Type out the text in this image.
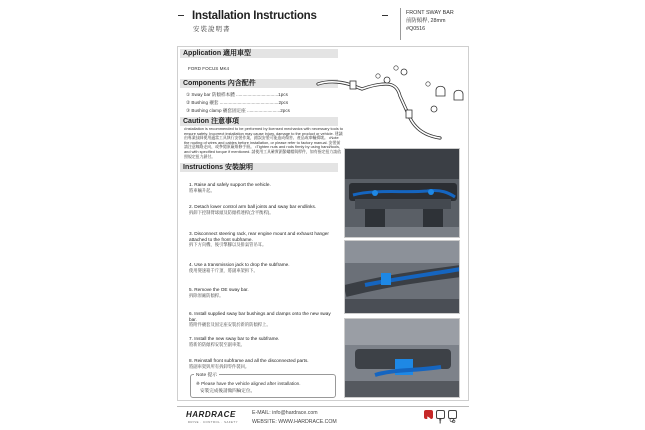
Installation Instructions
安裝說明書
FRONT SWAY BAR
前防傾桿, 28mm
#Q0516
Application 適用車型
FORD FOCUS MK4
Components 內含配件
① Sway bar 防傾桿本體 .................................1pcs
② Bushing 襯套 ..............................................2pcs
③ Bushing clamp 襯套固定座 ..........................2pcs
Caution 注意事項
•Installation is recommended to be performed by licensed mechanics with necessary tools to ensure safety. Incorrect installation may cause injury, damage to the product or vehicle. 建議由專業技師使用適當工具執行安裝作業，錯誤安裝可能造成傷害、產品或車輛損壞。 •Note the routing of wires and cables before installation, or please refer to factory manual. 安裝前請注意線路走向，或參閱原廠維修手冊。 •Tighten nuts and rods firmly by using hand/tools, and with specified torque if mentioned. 請使用工具確實鎖緊螺帽與桿件，如有指定扭力請依照規定扭力鎖付。
Instructions 安裝說明
1. Raise and safely support the vehicle.
將車輛升起。
2. Detach lower control arm ball joints and sway bar endlinks.
拆卸下控制臂球頭及防傾桿連桿(含平衡桿)。
3. Disconnect steering rack, rear engine mount and exhaust hanger
attached to the front subframe.
拆下方向機、後引擎腳以及排氣管吊耳。
4. Use a transmission jack to drop the subframe.
使用變速箱千斤頂，將副車架拆下。
5. Remove the OE sway bar.
拆除原廠防傾桿。
6. Install supplied sway bar bushings and clamps onto the new sway
bar.
將附件襯套及固定座安裝於新的防傾桿上。
7. Install the new sway bar to the subframe.
將新的防傾桿安裝至副車架。
8. Reinstall front subframe and all the disconnected parts.
將副車架與所有拆卸零件裝回。
Note 提示
※ Please have the vehicle aligned after installation.
安裝完成後請做四輪定位。
HARDRACE
DRIVE · CONTROL · SAFETY
E-MAIL: info@hardrace.com
WEBSITE: WWW.HARDRACE.COM	f
